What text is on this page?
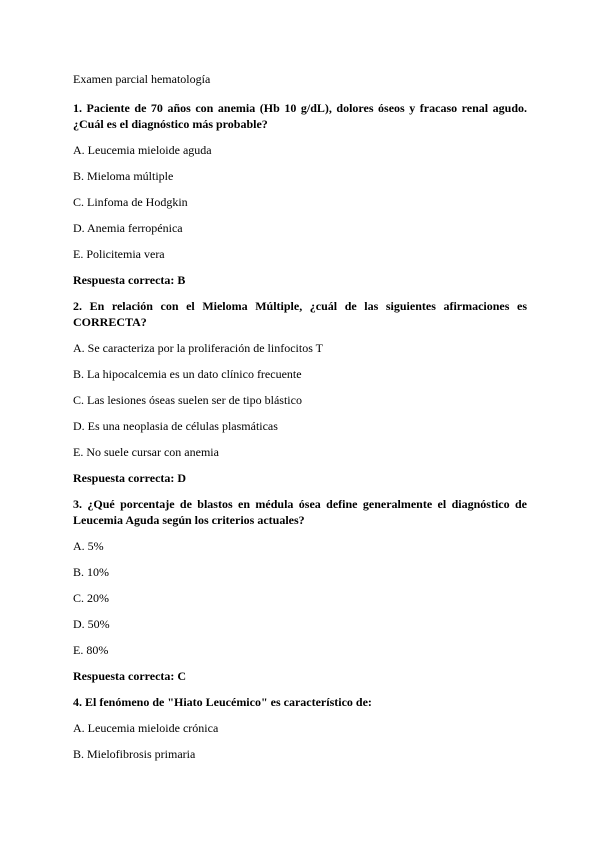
Examen parcial hematología

1. Paciente de 70 años con anemia (Hb 10 g/dL), dolores óseos y fracaso renal agudo. ¿Cuál es el diagnóstico más probable?

A. Leucemia mieloide aguda

B. Mieloma múltiple

C. Linfoma de Hodgkin

D. Anemia ferropénica

E. Policitemia vera

Respuesta correcta: B

2. En relación con el Mieloma Múltiple, ¿cuál de las siguientes afirmaciones es CORRECTA?

A. Se caracteriza por la proliferación de linfocitos T

B. La hipocalcemia es un dato clínico frecuente

C. Las lesiones óseas suelen ser de tipo blástico

D. Es una neoplasia de células plasmáticas

E. No suele cursar con anemia

Respuesta correcta: D

3. ¿Qué porcentaje de blastos en médula ósea define generalmente el diagnóstico de Leucemia Aguda según los criterios actuales?

A. 5%

B. 10%

C. 20%

D. 50%

E. 80%

Respuesta correcta: C

4. El fenómeno de "Hiato Leucémico" es característico de:

A. Leucemia mieloide crónica

B. Mielofibrosis primaria
